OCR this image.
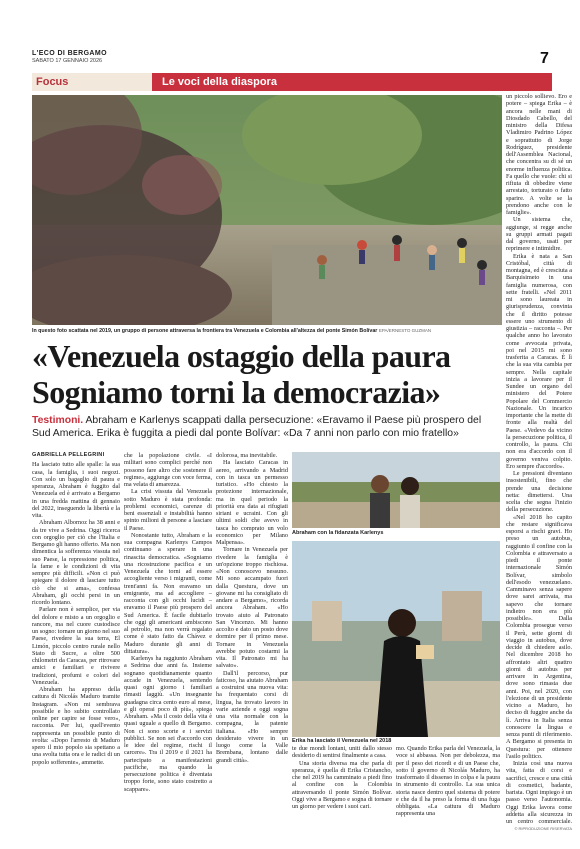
L'ECO DI BERGAMO
SABATO 17 GENNAIO 2026	7
Focus	Le voci della diaspora
In questo foto scattata nel 2019, un gruppo di persone attraversa la frontiera tra Venezuela e Colombia all'altezza del ponte Simón Bolívar EPA/ERNESTO GUZMAN
«Venezuela ostaggio della paura
Sogniamo torni la democrazia»
Testimoni. Abraham e Karlenys scappati dalla persecuzione: «Eravamo il Paese più prospero del Sud America. Erika è fuggita a piedi dal ponte Bolívar: «Da 7 anni non parlo con mio fratello»
GABRIELLA PELLEGRINI

Ha lasciato tutto alle spalle: la sua casa, la famiglia, i suoi negozi. Con solo un bagaglio di paura e speranza, Abraham è fuggito dal Venezuela ed è arrivato a Bergamo in una fredda mattina di gennaio del 2022, inseguendo la libertà e la vita.

Abraham Albornoz ha 38 anni e da tre vive a Sedrina. Oggi ricerca con orgoglio per ciò che l'Italia e Bergamo gli hanno offerto. Ma non dimentica la sofferenza vissuta nel suo Paese, la repressione politica, la fame e le condizioni di vita sempre più difficili. «Non ci può spiegare il dolore di lasciare tutto ciò che si ama», confessa Abraham, gli occhi persi in un ricordo lontano.

Parlare non è semplice, per via del dolore e misto a un orgoglio e rancore, ma nel cuore custodisce un sogno: tornare un giorno nel suo Paese, rivedere la sua terra, El Limón, piccolo centro rurale nello Stato di Sucre, a oltre 500 chilometri da Caracas, per ritrovare amici e familiari e rivivere tradizioni, profumi e colori del Venezuela.

Abraham ha appreso della cattura di Nicolás Maduro tramite Instagram. «Non mi sembrava possibile e ho subito controllato online per capire se fosse vero», racconta. Per lui, quell'evento rappresenta un possibile punto di svolta: «Dopo l'arresto di Maduro spero il mio popolo sia spettano a una svolta tutta ora e le radici di un popolo sofferente», ammette.

che la popolazione civile. «I militari sono complici perché non possono fare altro che sostenere il regime», aggiunge con voce ferma, ma velata di amarezza.

La crisi vissuta dal Venezuela sotto Maduro è stata profonda: problemi economici, carenze di beni essenziali e instabilità hanno spinto milioni di persone a lasciare il Paese.

Nonostante tutto, Abraham e la sua compagna Karlenys Campos continuano a sperare in una rinascita democratica. «Sogniamo una ricostruzione pacifica e un Venezuela che torni ad essere accogliente verso i migranti, come trent'anni fa. Non eravamo un emigrante, ma ad accogliere – racconta con gli occhi lucidi – eravamo il Paese più prospero del Sud America. È facile dubitarlo che oggi gli americani ambiscono al petrolio, ma non verrà regalato come è stato fatto da Chávez e Maduro durante gli anni di dittatura».

Karlenys ha raggiunto Abraham a Sedrina due anni fa. Insieme sognano quotidianamente quanto accade in Venezuela, sentendo quasi ogni giorno i familiari rimasti laggiù. «Un insegnante guadagna circa cento euro al mese, e gli operai poco di più», spiega Abraham. «Ma il costo della vita è quasi uguale a quello di Bergamo. Non ci sono scorte e i servizi pubblici. Se non sei d'accordo con le idee del regime, rischi il carcere». Tra il 2019 e il 2021 ha partecipato a manifestazioni pacifiche, ma quando la persecuzione politica è diventata troppo forte, sono stato costretto a scappare».

dolorosa, ma inevitabile.

Ha lasciato Caracas in aereo, arrivando a Madrid con in tasca un permesso turistico. «Ho chiesto la protezione internazionale, ma in quel periodo la priorità era data ai rifugiati siriani e ucraini. Con gli ultimi soldi che avevo in tasca ho comprato un volo economico per Milano Malpensa».

Tornare in Venezuela per rivedere la famiglia è un'opzione troppo rischiosa. «Non conoscevo nessuno. Mi sono accampato fuori dalla Questura, dove un giovane mi ha consigliato di andare a Bergamo», ricorda ancora Abraham. «Ho trovato aiuto al Patronato San Vincenzo. Mi hanno accolto e dato un posto dove dormire per il primo mese. Tornare in Venezuela avrebbe potuto costarmi la vita. Il Patronato mi ha salvato».

Dall'il percorso, pur faticoso, ha aiutato Abraham a costruirsi una nuova vita: ha frequentato corsi di lingua, ha trovato lavoro in varie aziende e oggi sogna una vita normale con la compagna, la patente italiana. «Ho sempre desiderato vivere in un luogo come la Valle Brembana, lontano dalle grandi città».

Abraham con la fidanzata Karlenys
Erika ha lasciato il Venezuela nel 2018

te due mondi lontani, uniti dallo stesso desiderio di sentirsi finalmente a casa.

Una storia diversa ma che parla di speranza, è quella di Erika Cristancho, che nel 2019 ha camminato a piedi fino al confine con la Colombia attraversando il ponte Simón Bolívar. Oggi vive a Bergamo e sogna di tornare un giorno per vedere i suoi cari.

mo. Quando Erika parla del Venezuela, la voce si abbassa. Non per debolezza, ma per il peso dei ricordi e di un Paese che, sotto il governo di Nicolás Maduro, ha trasformato il dissenso in colpa e la paura in strumento di controllo. La sua unica storia nasce dentro quel sistema di potere e che da il ha preso la forma di una fuga obbligata. «La cattura di Maduro rappresenta una

un piccolo sollievo. Ero e potere – spiega Erika – è ancora nelle mani di Diosdado Cabello, del ministro della Difesa Vladimiro Padrino López e soprattutto di Jorge Rodríguez, presidente dell'Assemblea Nacional, che concentra su di sé un enorme influenza politica. Fa quello che vuole: chi si rifiuta di obbedire viene arrestato, torturato o fatto sparire. A volte se la prendono anche con le famiglie».

Un sistema che, aggiunge, si regge anche su gruppi armati pagati dal governo, usati per reprimere e intimidire.

Erika è nata a San Cristóbal, città di montagna, ed è cresciuta a Barquisimeto in una famiglia numerosa, con sette fratelli. «Nel 2011 mi sono laureata in giurisprudenza, convinta che il diritto potesse essere uno strumento di giustizia – racconta –. Per qualche anno ho lavorato come avvocata privata, poi nel 2015 mi sono trasferita a Caracas. È lì che la sua vita cambia per sempre. Nella capitale inizia a lavorare per il Sundee un organo del ministero del Potere Popolare del Commercio Nazionale. Un incarico importante che la mette di fronte alla realtà del Paese. «Vedevo da vicino la persecuzione politica, il controllo, la paura. Chi non era d'accordo con il governo veniva colpito. Ero sempre d'accordo».

Le pressioni diventano insostenibili, fino che prende una decisione netta: dimettersi. Una scelta che segna l'inizio della persecuzione.

«Nel 2018 ho capito che restare significava esporsi a rischi gravi. Ho preso un autobus, raggiunto il confine con la Colombia e attraversato a piedi il ponte internazionale Simón Bolívar, simbolo dell'esodo venezuelano. Camminavo senza sapere dove sarei arrivata, ma sapevo che tornare indietro non era più possibile». Dalla Colombia prosegue verso il Perù, sette giorni di viaggio in autobus, dove decide di chiedere asilo. Nel dicembre 2018 ho affrontato altri quattro giorni di autobus per arrivare in Argentina, dove sono rimasta due anni. Poi, nel 2020, con l'elezione di un presidente vicino a Maduro, ho deciso di fuggire anche da lì. Arriva in Italia senza conoscere la lingua e senza punti di riferimento. A Bergamo si presenta in Questura: per ottenere l'asilo politico.

Inizia così una nuova vita, fatta di corsi e sacrifici, cresce e una città di cosmetici, badante, barista. Ogni impiego è un passo verso l'autonomia. Oggi Erika lavora come addetta alla sicurezza in un centro commerciale.

© RIPRODUZIONE RISERVATA
